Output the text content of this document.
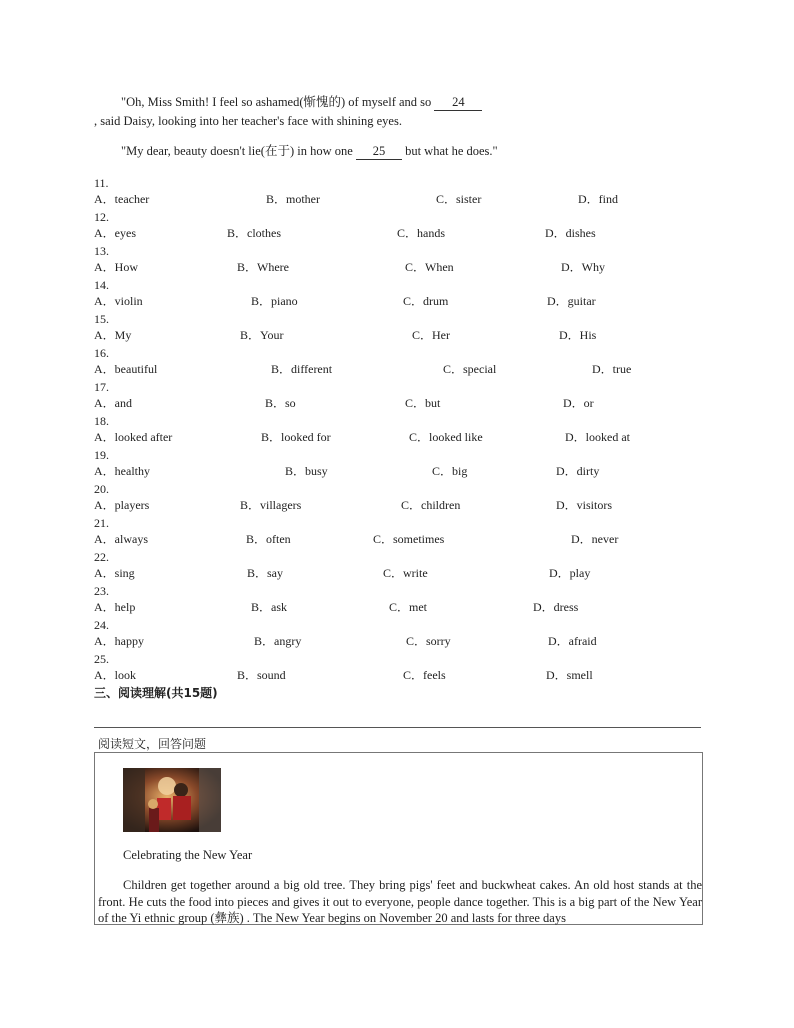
"Oh, Miss Smith! I feel so ashamed(惭愧的) of myself and so 24
, said Daisy, looking into her teacher's face with shining eyes.
"My dear, beauty doesn't lie(在于) in how one 25 but what he does."
11.
A．teacher	B．mother	C．sister	D．find
12.
A．eyes	B．clothes	C．hands	D．dishes
13.
A．How	B．Where	C．When	D．Why
14.
A．violin	B．piano	C．drum	D．guitar
15.
A．My	B．Your	C．Her	D．His
16.
A．beautiful	B．different	C．special	D．true
17.
A．and	B．so	C．but	D．or
18.
A．looked after	B．looked for	C．looked like	D．looked at
19.
A．healthy	B．busy	C．big	D．dirty
20.
A．players	B．villagers	C．children	D．visitors
21.
A．always	B．often	C．sometimes	D．never
22.
A．sing	B．say	C．write	D．play
23.
A．help	B．ask	C．met	D．dress
24.
A．happy	B．angry	C．sorry	D．afraid
25.
A．look	B．sound	C．feels	D．smell
三、阅读理解(共15题)
阅读短文，回答问题
Celebrating the New Year
Children get together around a big old tree. They bring pigs' feet and buckwheat cakes. An old host stands at the front. He cuts the food into pieces and gives it out to everyone, people dance together. This is a big part of the New Year of the Yi ethnic group (彝族) . The New Year begins on November 20 and lasts for three days
